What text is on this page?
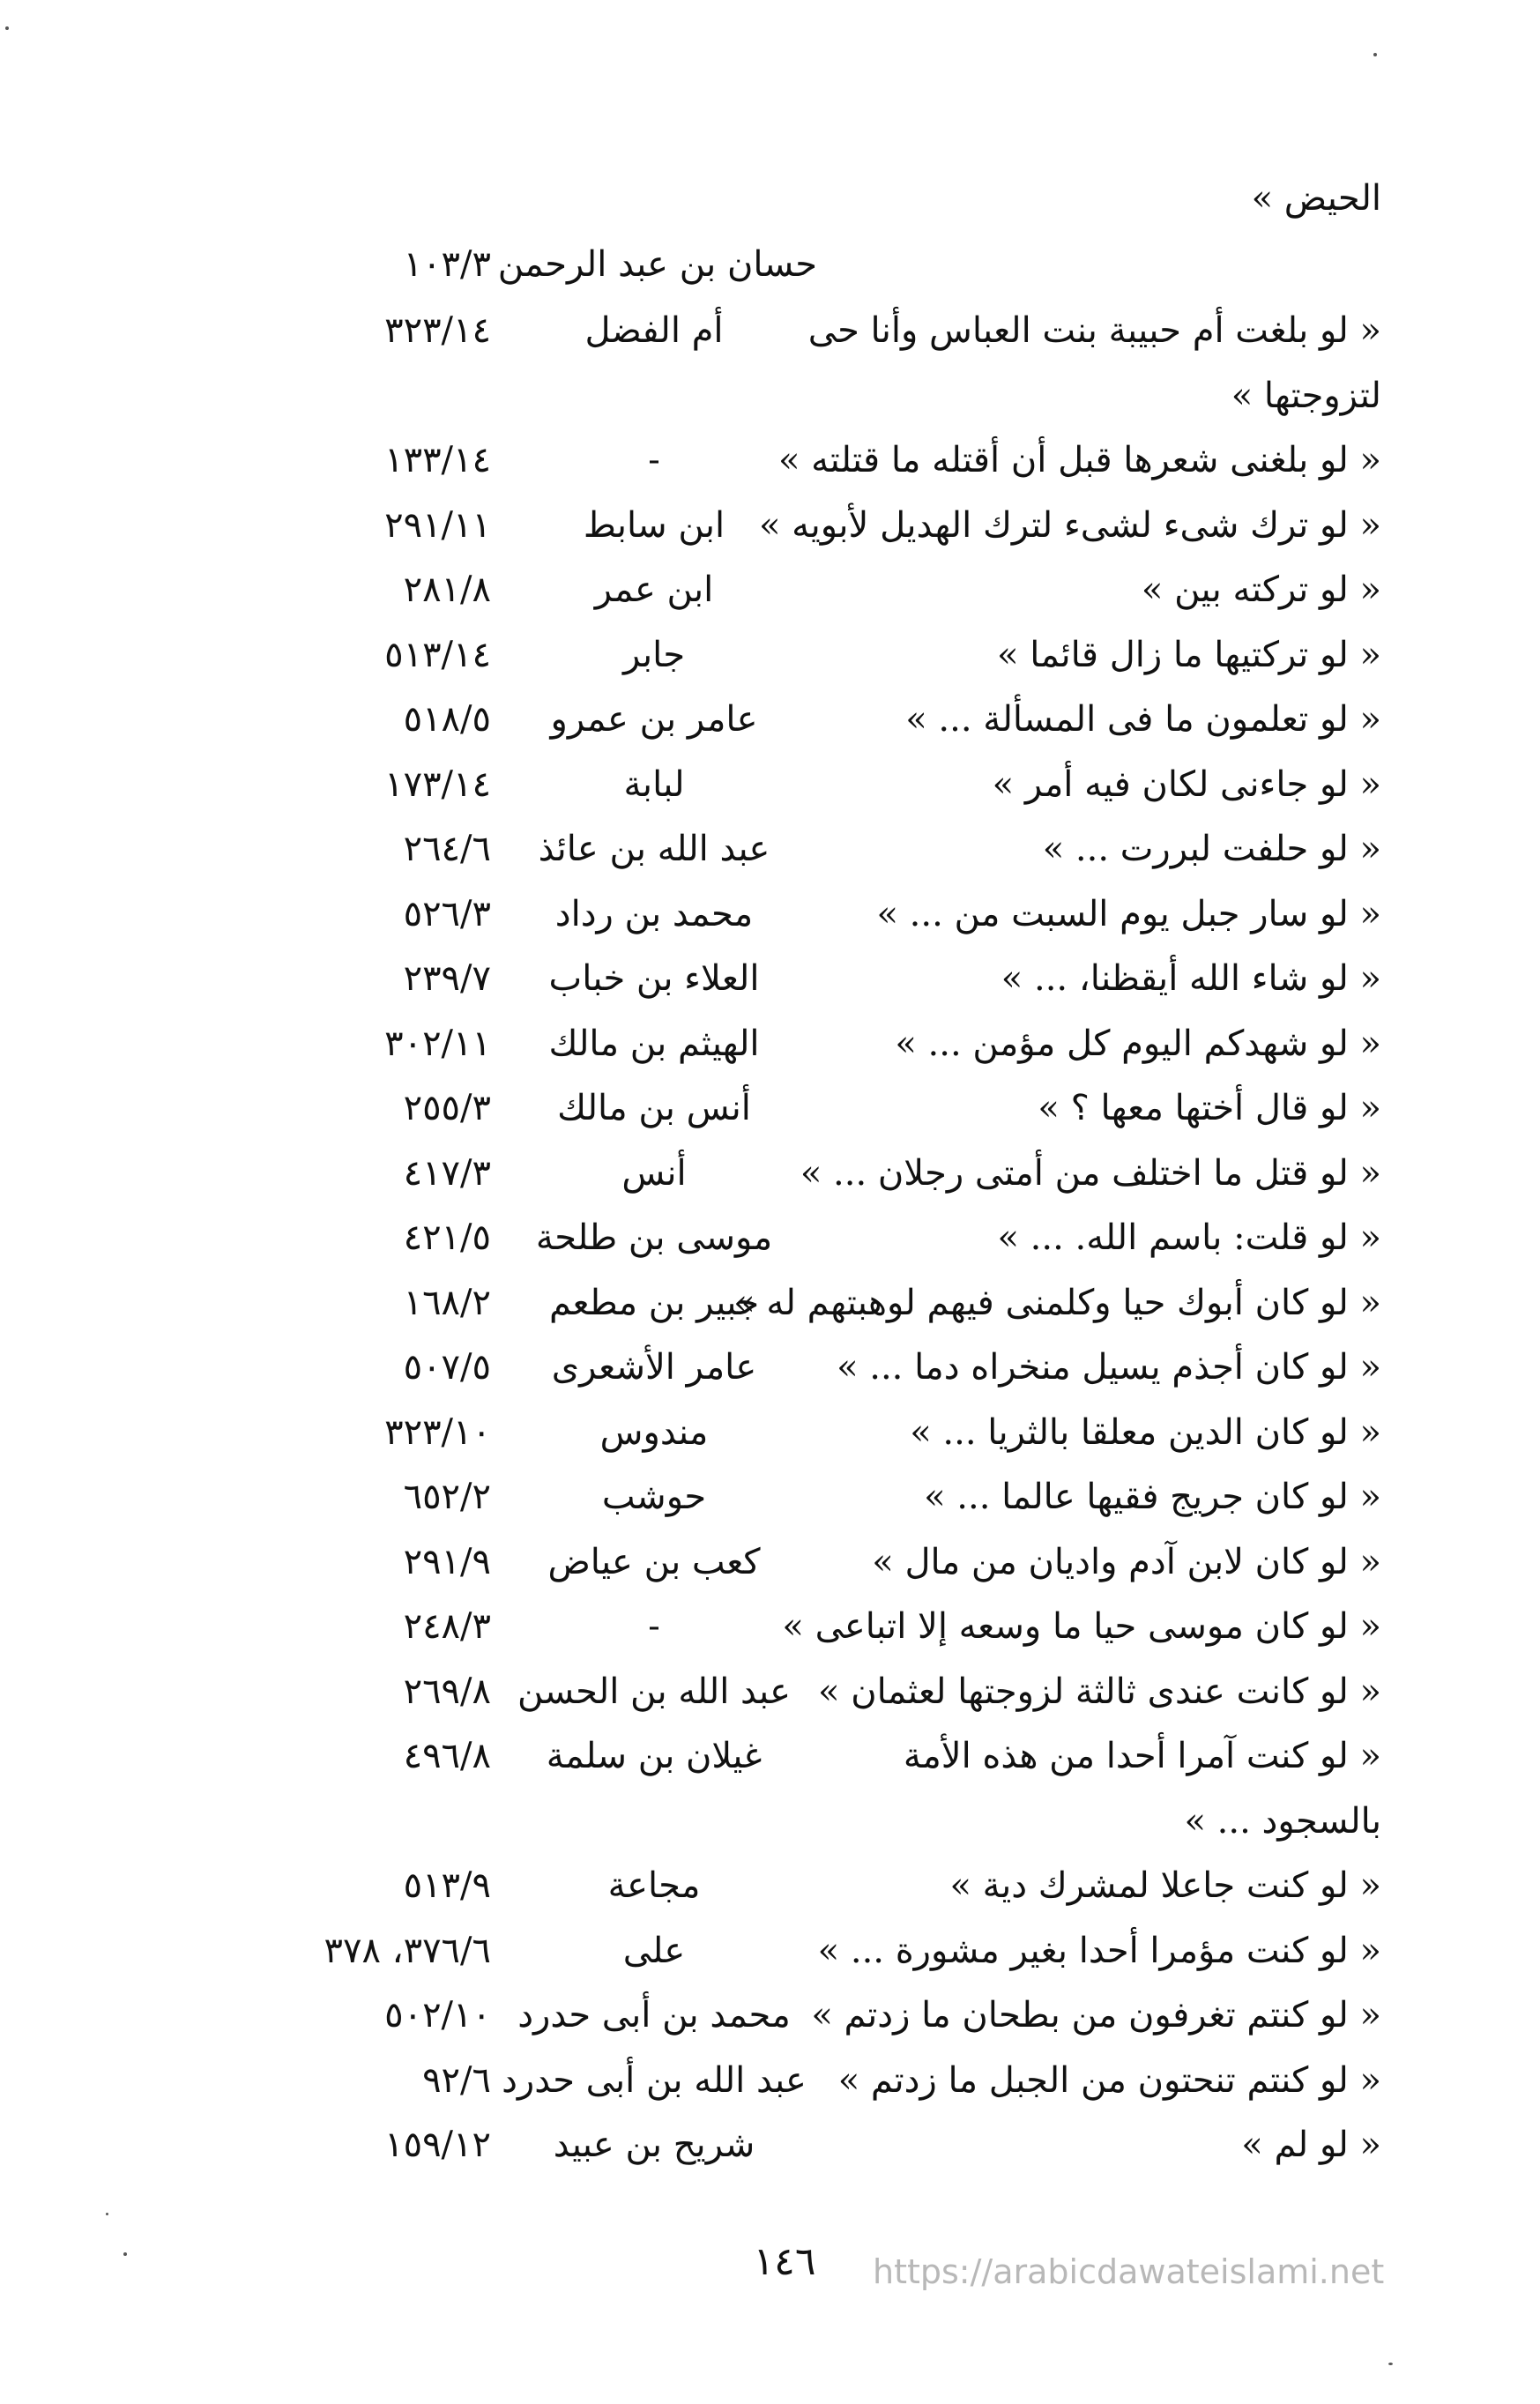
الحيض »
حسان بن عبد الرحمن
١٠٣/٣
« لو بلغت أم حبيبة بنت العباس وأنا حى
أم الفضل
٣٢٣/١٤
لتزوجتها »
« لو بلغنى شعرها قبل أن أقتله ما قتلته »
-
١٣٣/١٤
« لو ترك شىء لشىء لترك الهديل لأبويه »
ابن سابط
٢٩١/١١
« لو تركته بين »
ابن عمر
٢٨١/٨
« لو تركتيها ما زال قائما »
جابر
٥١٣/١٤
« لو تعلمون ما فى المسألة ... »
عامر بن عمرو
٥١٨/٥
« لو جاءنى لكان فيه أمر »
لبابة
١٧٣/١٤
« لو حلفت لبررت ... »
عبد الله بن عائذ
٢٦٤/٦
« لو سار جبل يوم السبت من ... »
محمد بن رداد
٥٢٦/٣
« لو شاء الله أيقظنا، ... »
العلاء بن خباب
٢٣٩/٧
« لو شهدكم اليوم كل مؤمن ... »
الهيثم بن مالك
٣٠٢/١١
« لو قال أختها معها ؟ »
أنس بن مالك
٢٥٥/٣
« لو قتل ما اختلف من أمتى رجلان ... »
أنس
٤١٧/٣
« لو قلت: باسم الله. ... »
موسى بن طلحة
٤٢١/٥
« لو كان أبوك حيا وكلمنى فيهم لوهبتهم له »
جبير بن مطعم
١٦٨/٢
« لو كان أجذم يسيل منخراه دما ... »
عامر الأشعرى
٥٠٧/٥
« لو كان الدين معلقا بالثريا ... »
مندوس
٣٢٣/١٠
« لو كان جريج فقيها عالما ... »
حوشب
٦٥٢/٢
« لو كان لابن آدم واديان من مال »
كعب بن عياض
٢٩١/٩
« لو كان موسى حيا ما وسعه إلا اتباعى »
-
٢٤٨/٣
« لو كانت عندى ثالثة لزوجتها لعثمان »
عبد الله بن الحسن
٢٦٩/٨
« لو كنت آمرا أحدا من هذه الأمة
غيلان بن سلمة
٤٩٦/٨
بالسجود ... »
« لو كنت جاعلا لمشرك دية »
مجاعة
٥١٣/٩
« لو كنت مؤمرا أحدا بغير مشورة ... »
على
٣٧٦/٦، ٣٧٨
« لو كنتم تغرفون من بطحان ما زدتم »
محمد بن أبى حدرد
٥٠٢/١٠
« لو كنتم تنحتون من الجبل ما زدتم »
عبد الله بن أبى حدرد
٩٢/٦
« لو لم »
شريح بن عبيد
١٥٩/١٢
١٤٦	https://arabicdawateislami.net
